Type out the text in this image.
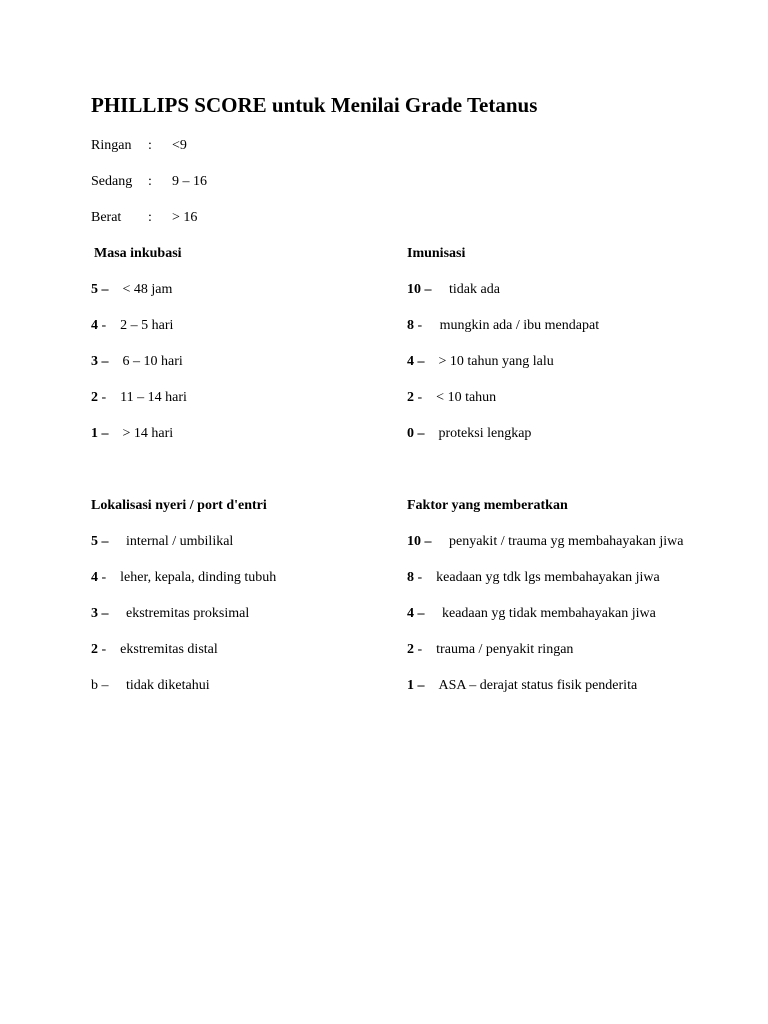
PHILLIPS SCORE untuk Menilai Grade Tetanus
Ringan : <9
Sedang : 9 – 16
Berat : > 16
Masa inkubasi
5 – < 48 jam
4 - 2 – 5 hari
3 – 6 – 10 hari
2 - 11 – 14 hari
1 – > 14 hari
Imunisasi
10 – tidak ada
8 - mungkin ada / ibu mendapat
4 – > 10 tahun yang lalu
2 - < 10 tahun
0 – proteksi lengkap
Lokalisasi nyeri / port d'entri
5 – internal / umbilikal
4 - leher, kepala, dinding tubuh
3 – ekstremitas proksimal
2 - ekstremitas distal
b – tidak diketahui
Faktor yang memberatkan
10 – penyakit / trauma yg membahayakan jiwa
8 - keadaan yg tdk lgs membahayakan jiwa
4 – keadaan yg tidak membahayakan jiwa
2 - trauma / penyakit ringan
1 – ASA – derajat status fisik penderita
